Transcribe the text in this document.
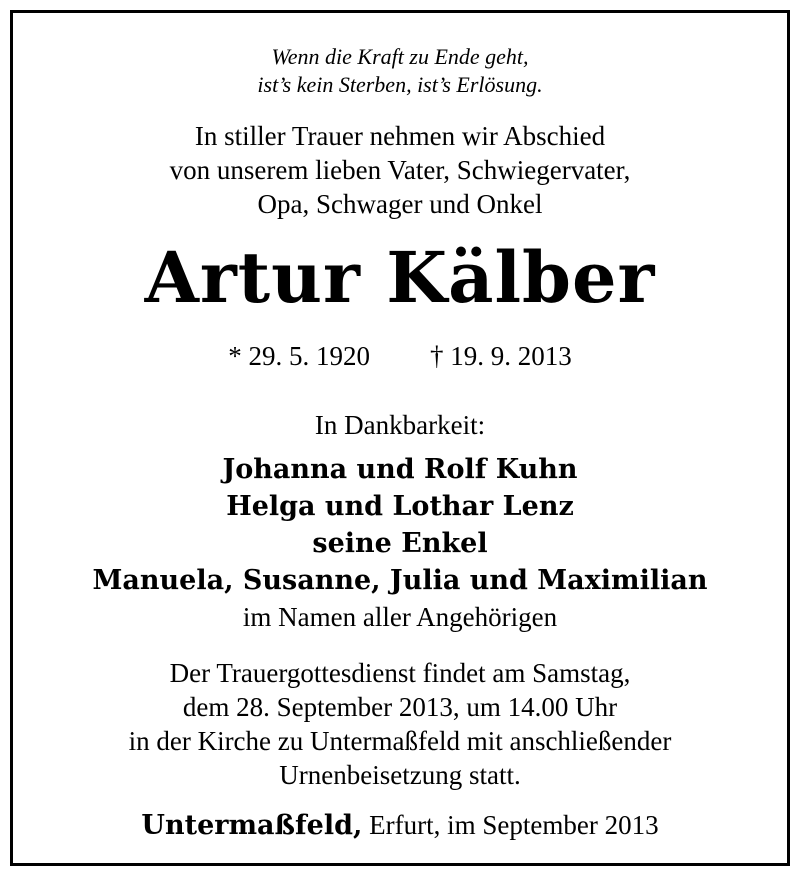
Wenn die Kraft zu Ende geht,
ist’s kein Sterben, ist’s Erlösung.
In stiller Trauer nehmen wir Abschied
von unserem lieben Vater, Schwiegervater,
Opa, Schwager und Onkel
Artur Kälber
* 29. 5. 1920 † 19. 9. 2013
In Dankbarkeit:
Johanna und Rolf Kuhn
Helga und Lothar Lenz
seine Enkel
Manuela, Susanne, Julia und Maximilian
im Namen aller Angehörigen
Der Trauergottesdienst findet am Samstag,
dem 28. September 2013, um 14.00 Uhr
in der Kirche zu Untermaßfeld mit anschließender
Urnenbeisetzung statt.
Untermaßfeld, Erfurt, im September 2013
